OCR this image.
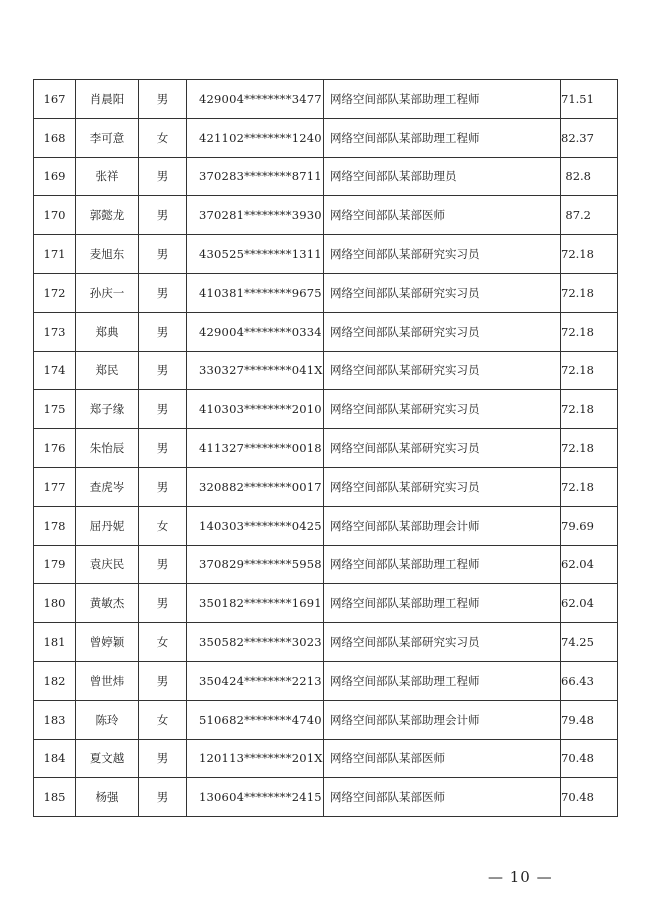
167	肖晨阳	男	429004********3477	网络空间部队某部助理工程师	71.51
168	李可意	女	421102********1240	网络空间部队某部助理工程师	82.37
169	张祥	男	370283********8711	网络空间部队某部助理员	82.8
170	郭懿龙	男	370281********3930	网络空间部队某部医师	87.2
171	麦旭东	男	430525********1311	网络空间部队某部研究实习员	72.18
172	孙庆一	男	410381********9675	网络空间部队某部研究实习员	72.18
173	郑典	男	429004********0334	网络空间部队某部研究实习员	72.18
174	郑民	男	330327********041X	网络空间部队某部研究实习员	72.18
175	郑子缘	男	410303********2010	网络空间部队某部研究实习员	72.18
176	朱怡辰	男	411327********0018	网络空间部队某部研究实习员	72.18
177	查虎岑	男	320882********0017	网络空间部队某部研究实习员	72.18
178	屈丹妮	女	140303********0425	网络空间部队某部助理会计师	79.69
179	袁庆民	男	370829********5958	网络空间部队某部助理工程师	62.04
180	黄敏杰	男	350182********1691	网络空间部队某部助理工程师	62.04
181	曾婷颖	女	350582********3023	网络空间部队某部研究实习员	74.25
182	曾世炜	男	350424********2213	网络空间部队某部助理工程师	66.43
183	陈玲	女	510682********4740	网络空间部队某部助理会计师	79.48
184	夏文越	男	120113********201X	网络空间部队某部医师	70.48
185	杨强	男	130604********2415	网络空间部队某部医师	70.48
— 10 —
